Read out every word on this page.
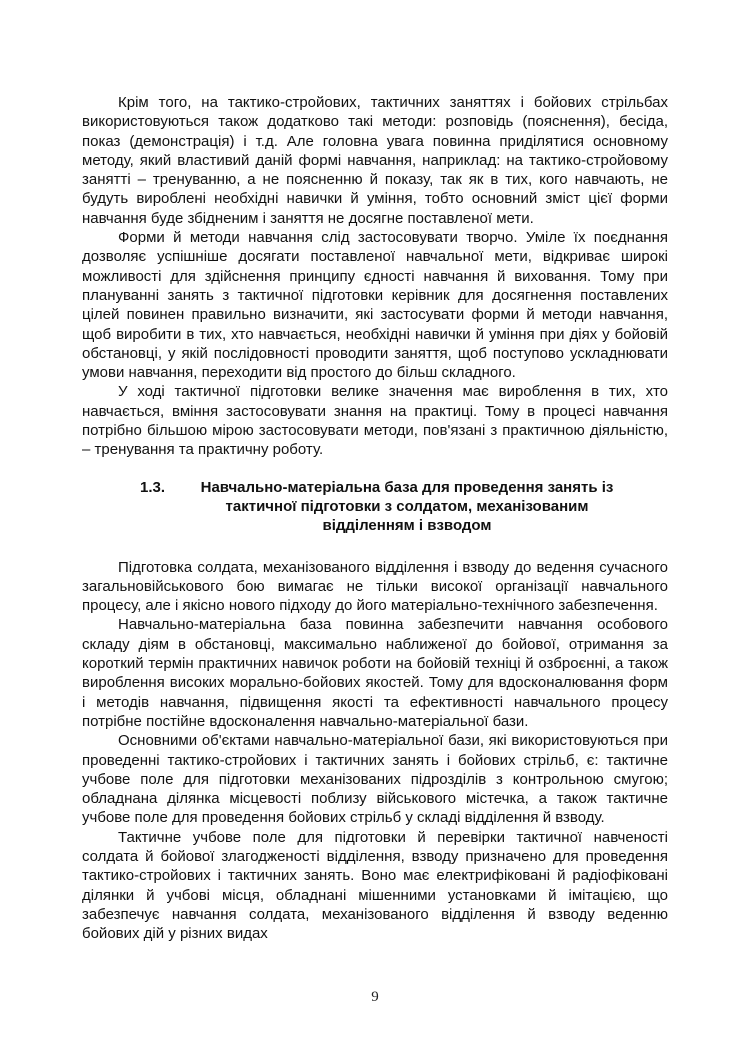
Крім того, на тактико-стройових, тактичних заняттях і бойових стрільбах використовуються також додатково такі методи: розповідь (пояснення), бесіда, показ (демонстрація) і т.д. Але головна увага повинна приділятися основному методу, який властивий даній формі навчання, наприклад: на тактико-стройовому занятті – тренуванню, а не поясненню й показу, так як в тих, кого навчають, не будуть вироблені необхідні навички й уміння, тобто основний зміст цієї форми навчання буде збідненим і заняття не досягне поставленої мети.

Форми й методи навчання слід застосовувати творчо. Уміле їх поєднання дозволяє успішніше досягати поставленої навчальної мети, відкриває широкі можливості для здійснення принципу єдності навчання й виховання. Тому при плануванні занять з тактичної підготовки керівник для досягнення поставлених цілей повинен правильно визначити, які застосувати форми й методи навчання, щоб виробити в тих, хто навчається, необхідні навички й уміння при діях у бойовій обстановці, у якій послідовності проводити заняття, щоб поступово ускладнювати умови навчання, переходити від простого до більш складного.

У ході тактичної підготовки велике значення має вироблення в тих, хто навчається, вміння застосовувати знання на практиці. Тому в процесі навчання потрібно більшою мірою застосовувати методи, пов'язані з практичною діяльністю, – тренування та практичну роботу.

1.3.	Навчально-матеріальна база для проведення занять із тактичної підготовки з солдатом, механізованим відділенням і взводом

Підготовка солдата, механізованого відділення і взводу до ведення сучасного загальновійськового бою вимагає не тільки високої організації навчального процесу, але і якісно нового підходу до його матеріально-технічного забезпечення.

Навчально-матеріальна база повинна забезпечити навчання особового складу діям в обстановці, максимально наближеної до бойової, отримання за короткий термін практичних навичок роботи на бойовій техніці й озброєнні, а також вироблення високих морально-бойових якостей. Тому для вдосконалювання форм і методів навчання, підвищення якості та ефективності навчального процесу потрібне постійне вдосконалення навчально-матеріальної бази.

Основними об'єктами навчально-матеріальної бази, які використовуються при проведенні тактико-стройових і тактичних занять і бойових стрільб, є: тактичне учбове поле для підготовки механізованих підрозділів з контрольною смугою; обладнана ділянка місцевості поблизу військового містечка, а також тактичне учбове поле для проведення бойових стрільб у складі відділення й взводу.

Тактичне учбове поле для підготовки й перевірки тактичної навченості солдата й бойової злагодженості відділення, взводу призначено для проведення тактико-стройових і тактичних занять. Воно має електрифіковані й радіофіковані ділянки й учбові місця, обладнані мішенними установками й імітацією, що забезпечує навчання солдата, механізованого відділення й взводу веденню бойових дій у різних видах

9
